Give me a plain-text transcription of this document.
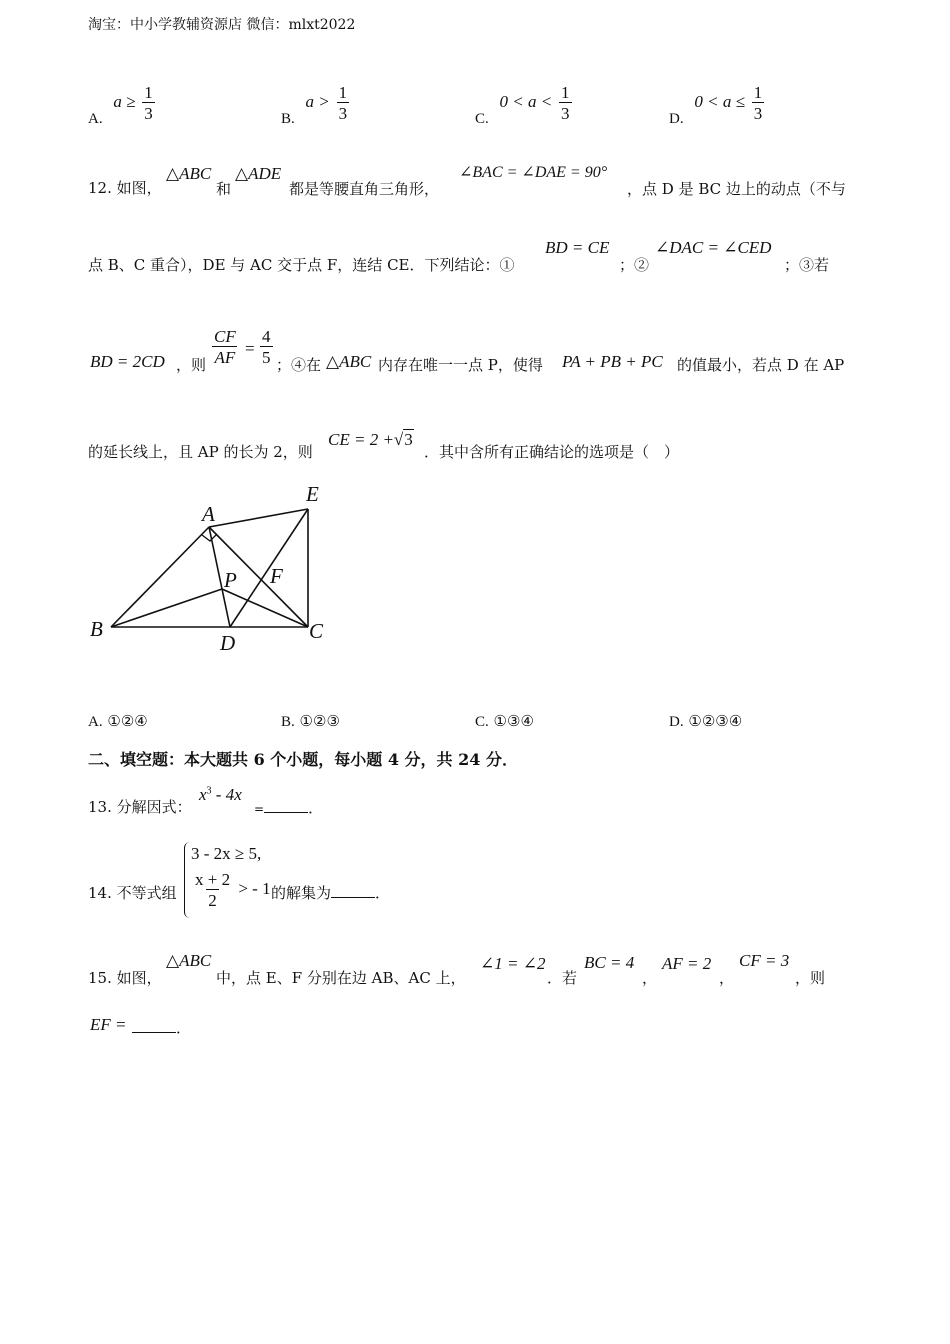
淘宝：中小学教辅资源店 微信：mlxt2022
A. $a \ge \frac{1}{3}$	B. $a > \frac{1}{3}$	C. $0 < a < \frac{1}{3}$	D. $0 < a \le \frac{1}{3}$
12. 如图，
△ABC
和
△ADE
都是等腰直角三角形，
∠BAC = ∠DAE = 90°
，点 D 是 BC 边上的动点（不与
点 B、C 重合），DE 与 AC 交于点 F，连结 CE．下列结论：①
BD = CE
；②
∠DAC = ∠CED
；③若
BD = 2CD ，则 $\frac{CF}{AF} = \frac{4}{5}$ ；④在 △ABC 内存在唯一一点 P，使得 PA + PB + PC 的值最小，若点 D 在 AP
的延长线上，且 AP 的长为 2，则
CE = 2 +√3
．其中含所有正确结论的选项是（　）
A
E
B	C
D
F
P
A. ①②④	B. ①②③	C. ①③④	D. ①②③④
二、填空题：本大题共 6 个小题，每小题 4 分，共 24 分．
13. 分解因式：
$x^3 - 4x$
=	．
14. 不等式组
3 - 2x ≥ 5,
$\frac{x + 2}{2}$ > - 1 的解集为	．
15. 如图，
△ABC
中，点 E、F 分别在边 AB、AC 上，
∠1 = ∠2
．若
BC = 4
，
AF = 2
，
CF = 3
，则
EF =	．
